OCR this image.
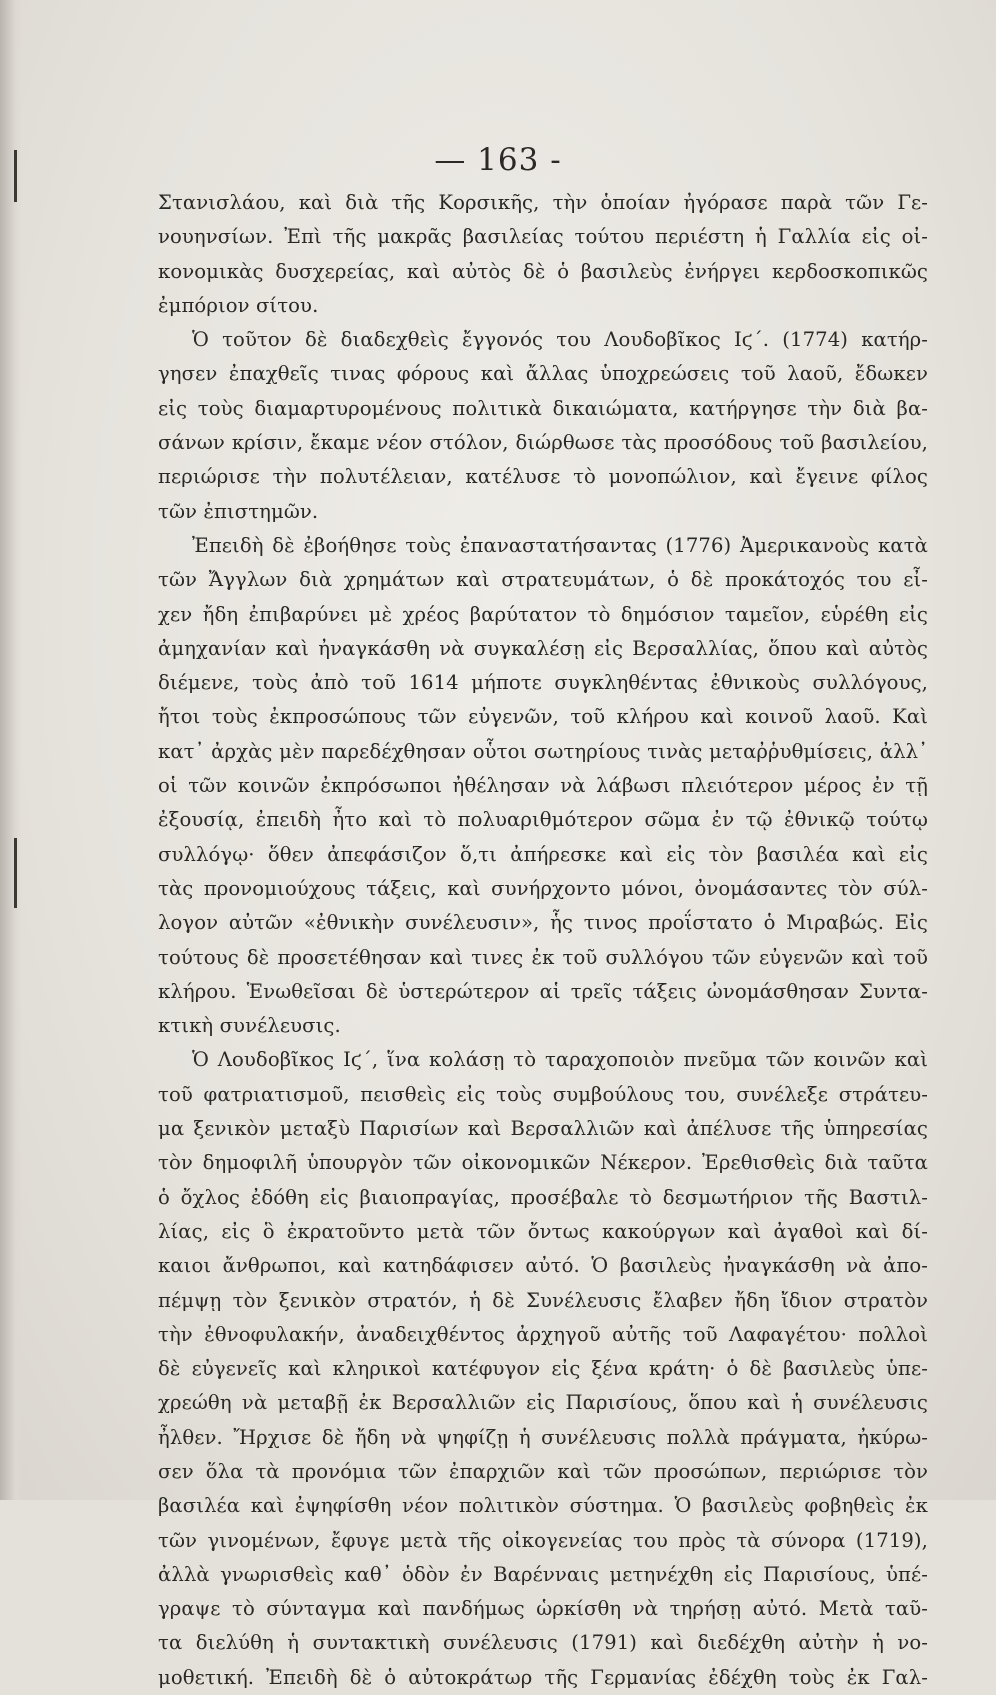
— 163 -
Στανισλάου, καὶ διὰ τῆς Κορσικῆς, τὴν ὁποίαν ἠγόρασε παρὰ τῶν Γε-
νουηνσίων. Ἐπὶ τῆς μακρᾶς βασιλείας τούτου περιέστη ἡ Γαλλία εἰς οἰ-
κονομικὰς δυσχερείας, καὶ αὐτὸς δὲ ὁ βασιλεὺς ἐνήργει κερδοσκοπικῶς
ἐμπόριον σίτου.
Ὁ τοῦτον δὲ διαδεχθεὶς ἔγγονός του Λουδοβῖκος Ιϛ΄. (1774) κατήρ-
γησεν ἐπαχθεῖς τινας φόρους καὶ ἄλλας ὑποχρεώσεις τοῦ λαοῦ, ἔδωκεν
εἰς τοὺς διαμαρτυρομένους πολιτικὰ δικαιώματα, κατήργησε τὴν διὰ βα-
σάνων κρίσιν, ἔκαμε νέον στόλον, διώρθωσε τὰς προσόδους τοῦ βασιλείου,
περιώρισε τὴν πολυτέλειαν, κατέλυσε τὸ μονοπώλιον, καὶ ἔγεινε φίλος
τῶν ἐπιστημῶν.
Ἐπειδὴ δὲ ἐβοήθησε τοὺς ἐπαναστατήσαντας (1776) Ἀμερικανοὺς κατὰ
τῶν Ἄγγλων διὰ χρημάτων καὶ στρατευμάτων, ὁ δὲ προκάτοχός του εἶ-
χεν ἤδη ἐπιβαρύνει μὲ χρέος βαρύτατον τὸ δημόσιον ταμεῖον, εὑρέθη εἰς
ἀμηχανίαν καὶ ἠναγκάσθη νὰ συγκαλέσῃ εἰς Βερσαλλίας, ὅπου καὶ αὐτὸς
διέμενε, τοὺς ἀπὸ τοῦ 1614 μήποτε συγκληθέντας ἐθνικοὺς συλλόγους,
ἤτοι τοὺς ἐκπροσώπους τῶν εὐγενῶν, τοῦ κλήρου καὶ κοινοῦ λαοῦ. Καὶ
κατ᾽ ἀρχὰς μὲν παρεδέχθησαν οὗτοι σωτηρίους τινὰς μεταῤῥυθμίσεις, ἀλλ᾽
οἱ τῶν κοινῶν ἐκπρόσωποι ἠθέλησαν νὰ λάβωσι πλειότερον μέρος ἐν τῇ
ἐξουσίᾳ, ἐπειδὴ ἦτο καὶ τὸ πολυαριθμότερον σῶμα ἐν τῷ ἐθνικῷ τούτῳ
συλλόγῳ· ὅθεν ἀπεφάσιζον ὅ,τι ἀπήρεσκε καὶ εἰς τὸν βασιλέα καὶ εἰς
τὰς προνομιούχους τάξεις, καὶ συνήρχοντο μόνοι, ὀνομάσαντες τὸν σύλ-
λογον αὐτῶν «ἐθνικὴν συνέλευσιν», ἧς τινος προΐστατο ὁ Μιραβώς. Εἰς
τούτους δὲ προσετέθησαν καὶ τινες ἐκ τοῦ συλλόγου τῶν εὐγενῶν καὶ τοῦ
κλήρου. Ἑνωθεῖσαι δὲ ὑστερώτερον αἱ τρεῖς τάξεις ὠνομάσθησαν Συντα-
κτικὴ συνέλευσις.
Ὁ Λουδοβῖκος Ιϛ΄, ἵνα κολάσῃ τὸ ταραχοποιὸν πνεῦμα τῶν κοινῶν καὶ
τοῦ φατριατισμοῦ, πεισθεὶς εἰς τοὺς συμβούλους του, συνέλεξε στράτευ-
μα ξενικὸν μεταξὺ Παρισίων καὶ Βερσαλλιῶν καὶ ἀπέλυσε τῆς ὑπηρεσίας
τὸν δημοφιλῆ ὑπουργὸν τῶν οἰκονομικῶν Νέκερον. Ἐρεθισθεὶς διὰ ταῦτα
ὁ ὄχλος ἐδόθη εἰς βιαιοπραγίας, προσέβαλε τὸ δεσμωτήριον τῆς Βαστιλ-
λίας, εἰς ὃ ἐκρατοῦντο μετὰ τῶν ὄντως κακούργων καὶ ἀγαθοὶ καὶ δί-
καιοι ἄνθρωποι, καὶ κατηδάφισεν αὐτό. Ὁ βασιλεὺς ἠναγκάσθη νὰ ἀπο-
πέμψῃ τὸν ξενικὸν στρατόν, ἡ δὲ Συνέλευσις ἔλαβεν ἤδη ἴδιον στρατὸν
τὴν ἐθνοφυλακήν, ἀναδειχθέντος ἀρχηγοῦ αὐτῆς τοῦ Λαφαγέτου· πολλοὶ
δὲ εὐγενεῖς καὶ κληρικοὶ κατέφυγον εἰς ξένα κράτη· ὁ δὲ βασιλεὺς ὑπε-
χρεώθη νὰ μεταβῇ ἐκ Βερσαλλιῶν εἰς Παρισίους, ὅπου καὶ ἡ συνέλευσις
ἦλθεν. Ἤρχισε δὲ ἤδη νὰ ψηφίζῃ ἡ συνέλευσις πολλὰ πράγματα, ἠκύρω-
σεν ὅλα τὰ προνόμια τῶν ἐπαρχιῶν καὶ τῶν προσώπων, περιώρισε τὸν
βασιλέα καὶ ἐψηφίσθη νέον πολιτικὸν σύστημα. Ὁ βασιλεὺς φοβηθεὶς ἐκ
τῶν γινομένων, ἔφυγε μετὰ τῆς οἰκογενείας του πρὸς τὰ σύνορα (1719),
ἀλλὰ γνωρισθεὶς καθ᾽ ὁδὸν ἐν Βαρένναις μετηνέχθη εἰς Παρισίους, ὑπέ-
γραψε τὸ σύνταγμα καὶ πανδήμως ὡρκίσθη νὰ τηρήσῃ αὐτό. Μετὰ ταῦ-
τα διελύθη ἡ συντακτικὴ συνέλευσις (1791) καὶ διεδέχθη αὐτὴν ἡ νο-
μοθετική. Ἐπειδὴ δὲ ὁ αὐτοκράτωρ τῆς Γερμανίας ἐδέχθη τοὺς ἐκ Γαλ-
